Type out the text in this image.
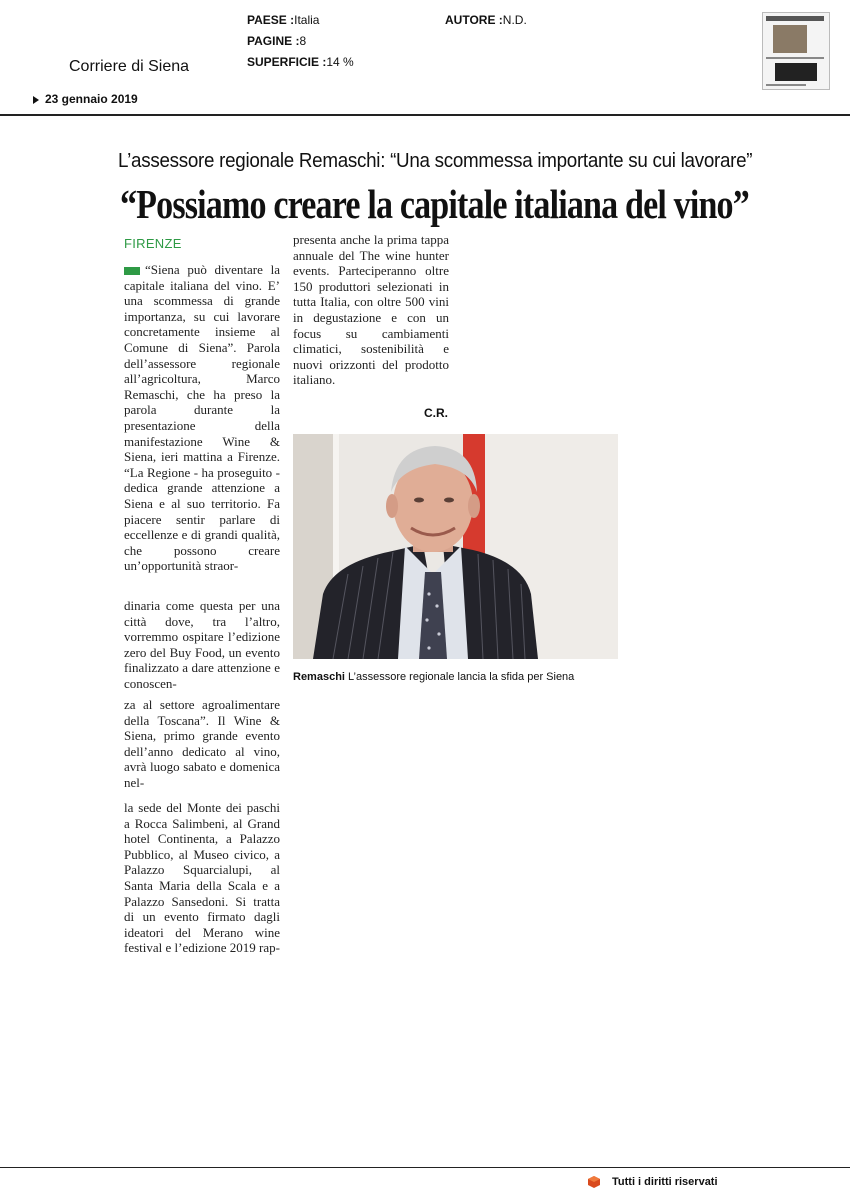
PAESE :Italia
PAGINE :8
SUPERFICIE :14 %
AUTORE :N.D.
Corriere di Siena
23 gennaio 2019
L’assessore regionale Remaschi: “Una scommessa importante su cui lavorare”
“Possiamo creare la capitale italiana del vino”
FIRENZE
“Siena può diventare la capitale italiana del vino. E’ una scommessa di grande importanza, su cui lavorare concretamente insieme al Comune di Siena”. Parola dell’assessore regionale all’agricoltura, Marco Remaschi, che ha preso la parola durante la presentazione della manifestazione Wine & Siena, ieri mattina a Firenze. “La Regione - ha proseguito - dedica grande attenzione a Siena e al suo territorio. Fa piacere sentir parlare di eccellenze e di grandi qualità, che possono creare un’opportunità straor-
dinaria come questa per una città dove, tra l’altro, vorremmo ospitare l’edizione zero del Buy Food, un evento finalizzato a dare attenzione e conoscen-
za al settore agroalimentare della Toscana”. Il Wine & Siena, primo grande evento dell’anno dedicato al vino, avrà luogo sabato e domenica nel-
la sede del Monte dei paschi a Rocca Salimbeni, al Grand hotel Continenta, a Palazzo Pubblico, al Museo civico, a Palazzo Squarcialupi, al Santa Maria della Scala e a Palazzo Sansedoni. Si tratta di un evento firmato dagli ideatori del Merano wine festival e l’edizione 2019 rap-
presenta anche la prima tappa annuale del The wine hunter events. Parteciperanno oltre 150 produttori selezionati in tutta Italia, con oltre 500 vini in degustazione e con un focus su cambiamenti climatici, sostenibilità e nuovi orizzonti del prodotto italiano.
C.R.
Remaschi L’assessore regionale lancia la sfida per Siena
Tutti i diritti riservati
